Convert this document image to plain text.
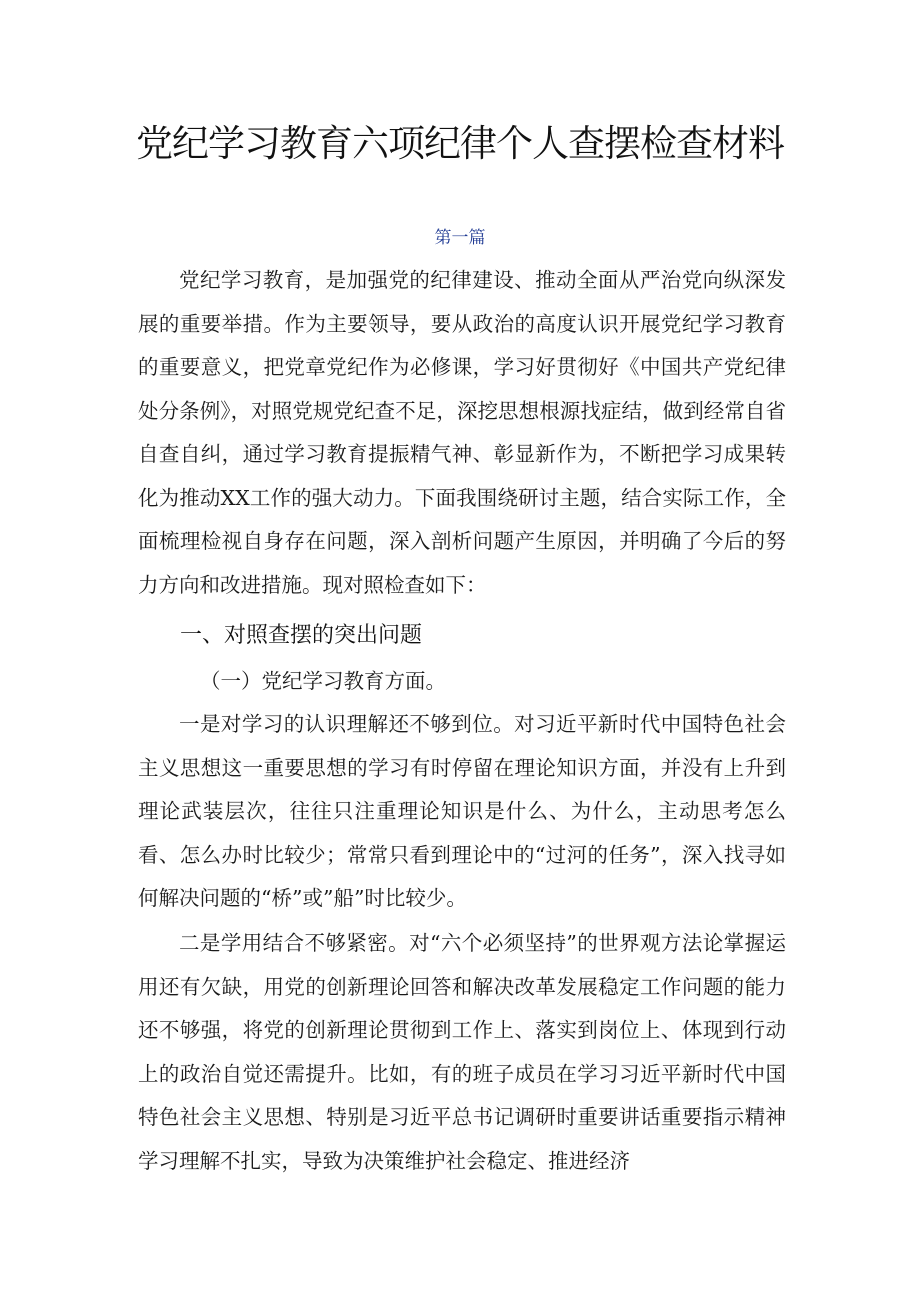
党纪学习教育六项纪律个人查摆检查材料
第一篇

党纪学习教育，是加强党的纪律建设、推动全面从严治党向纵深发展的重要举措。作为主要领导，要从政治的高度认识开展党纪学习教育的重要意义，把党章党纪作为必修课，学习好贯彻好《中国共产党纪律处分条例》，对照党规党纪查不足，深挖思想根源找症结，做到经常自省自查自纠，通过学习教育提振精气神、彰显新作为，不断把学习成果转化为推动XX工作的强大动力。下面我围绕研讨主题，结合实际工作，全面梳理检视自身存在问题，深入剖析问题产生原因，并明确了今后的努力方向和改进措施。现对照检查如下：

一、对照查摆的突出问题
（一）党纪学习教育方面。

一是对学习的认识理解还不够到位。对习近平新时代中国特色社会主义思想这一重要思想的学习有时停留在理论知识方面，并没有上升到理论武装层次，往往只注重理论知识是什么、为什么，主动思考怎么看、怎么办时比较少；常常只看到理论中的“过河的任务”，深入找寻如何解决问题的“桥”或”船”时比较少。

二是学用结合不够紧密。对“六个必须坚持”的世界观方法论掌握运用还有欠缺，用党的创新理论回答和解决改革发展稳定工作问题的能力还不够强，将党的创新理论贯彻到工作上、落实到岗位上、体现到行动上的政治自觉还需提升。比如，有的班子成员在学习习近平新时代中国特色社会主义思想、特别是习近平总书记调研时重要讲话重要指示精神学习理解不扎实，导致为决策维护社会稳定、推进经济
